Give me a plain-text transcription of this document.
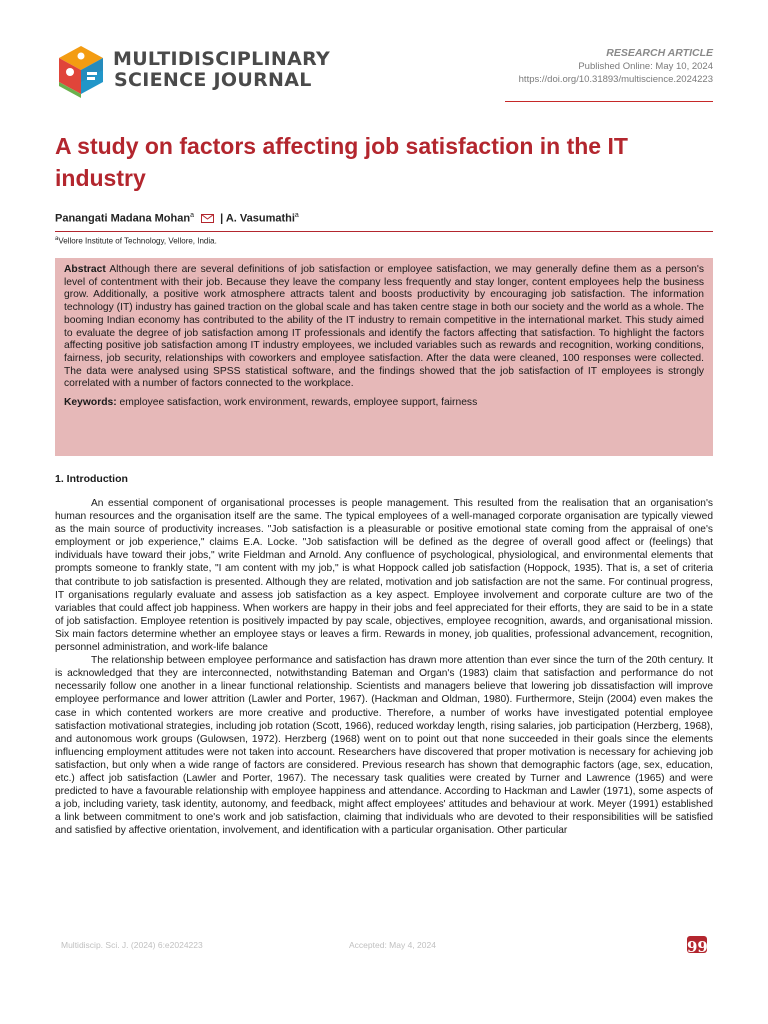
MULTIDISCIPLINARY
SCIENCE JOURNAL
RESEARCH ARTICLE
Published Online: May 10, 2024
https://doi.org/10.31893/multiscience.2024223
A study on factors affecting job satisfaction in the IT industry
Panangati Madana Mohan$^a$ | A. Vasumathi$^a$
$^a$Vellore Institute of Technology, Vellore, India.
Abstract Although there are several definitions of job satisfaction or employee satisfaction, we may generally define them as a person's level of contentment with their job. Because they leave the company less frequently and stay longer, content employees help the business grow. Additionally, a positive work atmosphere attracts talent and boosts productivity by encouraging job satisfaction. The information technology (IT) industry has gained traction on the global scale and has taken centre stage in both our society and the world as a whole. The booming Indian economy has contributed to the ability of the IT industry to remain competitive in the international market. This study aimed to evaluate the degree of job satisfaction among IT professionals and identify the factors affecting that satisfaction. To highlight the factors affecting positive job satisfaction among IT industry employees, we included variables such as rewards and recognition, working conditions, fairness, job security, relationships with coworkers and employee satisfaction. After the data were cleaned, 100 responses were collected. The data were analysed using SPSS statistical software, and the findings showed that the job satisfaction of IT employees is strongly correlated with a number of factors connected to the workplace.
Keywords: employee satisfaction, work environment, rewards, employee support, fairness
1. Introduction

An essential component of organisational processes is people management. This resulted from the realisation that an organisation's human resources and the organisation itself are the same. The typical employees of a well-managed corporate organisation are typically viewed as the main source of productivity increases. "Job satisfaction is a pleasurable or positive emotional state coming from the appraisal of one's employment or job experience," claims E.A. Locke. "Job satisfaction will be defined as the degree of overall good affect or (feelings) that individuals have toward their jobs," write Fieldman and Arnold. Any confluence of psychological, physiological, and environmental elements that prompts someone to frankly state, "I am content with my job," is what Hoppock called job satisfaction (Hoppock, 1935). That is, a set of criteria that contribute to job satisfaction is presented. Although they are related, motivation and job satisfaction are not the same. For continual progress, IT organisations regularly evaluate and assess job satisfaction as a key aspect. Employee involvement and corporate culture are two of the variables that could affect job happiness. When workers are happy in their jobs and feel appreciated for their efforts, they are said to be in a state of job satisfaction. Employee retention is positively impacted by pay scale, objectives, employee recognition, awards, and organisational mission. Six main factors determine whether an employee stays or leaves a firm. Rewards in money, job qualities, professional advancement, recognition, personnel administration, and work-life balance

The relationship between employee performance and satisfaction has drawn more attention than ever since the turn of the 20th century. It is acknowledged that they are interconnected, notwithstanding Bateman and Organ's (1983) claim that satisfaction and performance do not necessarily follow one another in a linear functional relationship. Scientists and managers believe that lowering job dissatisfaction will improve employee performance and lower attrition (Lawler and Porter, 1967). (Hackman and Oldman, 1980). Furthermore, Steijn (2004) even makes the case in which contented workers are more creative and productive. Therefore, a number of works have investigated potential employee satisfaction motivational strategies, including job rotation (Scott, 1966), reduced workday length, rising salaries, job participation (Herzberg, 1968), and autonomous work groups (Gulowsen, 1972). Herzberg (1968) went on to point out that none succeeded in their goals since the elements influencing employment attitudes were not taken into account. Researchers have discovered that proper motivation is necessary for achieving job satisfaction, but only when a wide range of factors are considered. Previous research has shown that demographic factors (age, sex, education, etc.) affect job satisfaction (Lawler and Porter, 1967). The necessary task qualities were created by Turner and Lawrence (1965) and were predicted to have a favourable relationship with employee happiness and attendance. According to Hackman and Lawler (1971), some aspects of a job, including variety, task identity, autonomy, and feedback, might affect employees' attitudes and behaviour at work. Meyer (1991) established a link between commitment to one's work and job satisfaction, claiming that individuals who are devoted to their responsibilities will be satisfied and satisfied by affective orientation, involvement, and identification with a particular organisation. Other particular

Multidiscip. Sci. J. (2024) 6:e2024223	Accepted: May 4, 2024	99
